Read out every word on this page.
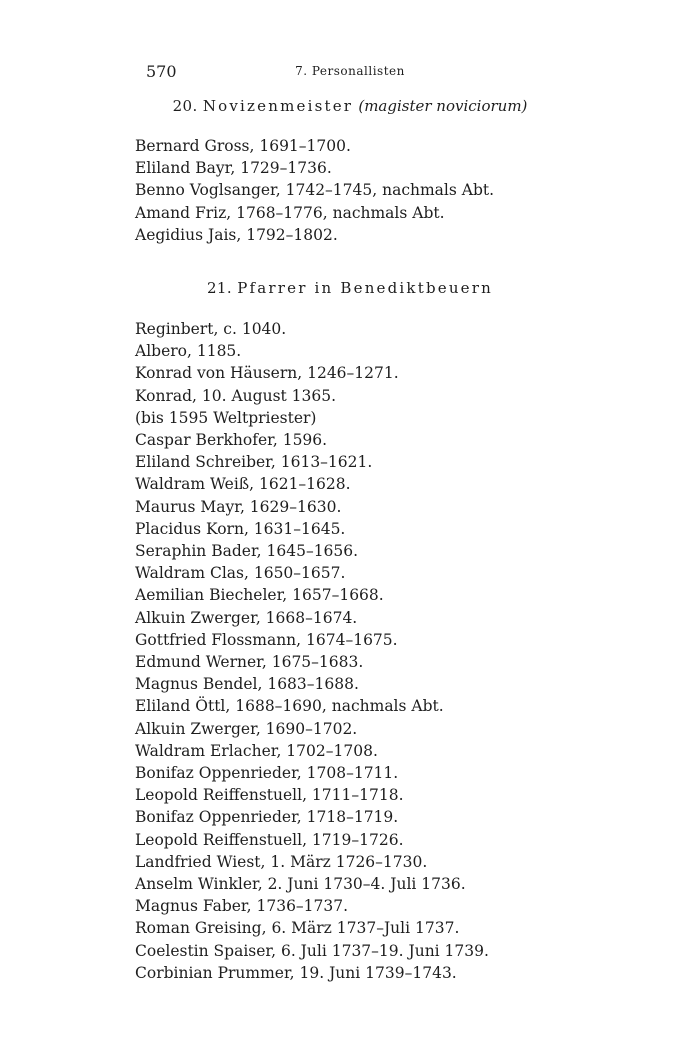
570	7. Personallisten
20. Novizenmeister (magister noviciorum)
Bernard Gross, 1691–1700.
Eliland Bayr, 1729–1736.
Benno Voglsanger, 1742–1745, nachmals Abt.
Amand Friz, 1768–1776, nachmals Abt.
Aegidius Jais, 1792–1802.
21. Pfarrer in Benediktbeuern
Reginbert, c. 1040.
Albero, 1185.
Konrad von Häusern, 1246–1271.
Konrad, 10. August 1365.
(bis 1595 Weltpriester)
Caspar Berkhofer, 1596.
Eliland Schreiber, 1613–1621.
Waldram Weiß, 1621–1628.
Maurus Mayr, 1629–1630.
Placidus Korn, 1631–1645.
Seraphin Bader, 1645–1656.
Waldram Clas, 1650–1657.
Aemilian Biecheler, 1657–1668.
Alkuin Zwerger, 1668–1674.
Gottfried Flossmann, 1674–1675.
Edmund Werner, 1675–1683.
Magnus Bendel, 1683–1688.
Eliland Öttl, 1688–1690, nachmals Abt.
Alkuin Zwerger, 1690–1702.
Waldram Erlacher, 1702–1708.
Bonifaz Oppenrieder, 1708–1711.
Leopold Reiffenstuell, 1711–1718.
Bonifaz Oppenrieder, 1718–1719.
Leopold Reiffenstuell, 1719–1726.
Landfried Wiest, 1. März 1726–1730.
Anselm Winkler, 2. Juni 1730–4. Juli 1736.
Magnus Faber, 1736–1737.
Roman Greising, 6. März 1737–Juli 1737.
Coelestin Spaiser, 6. Juli 1737–19. Juni 1739.
Corbinian Prummer, 19. Juni 1739–1743.
